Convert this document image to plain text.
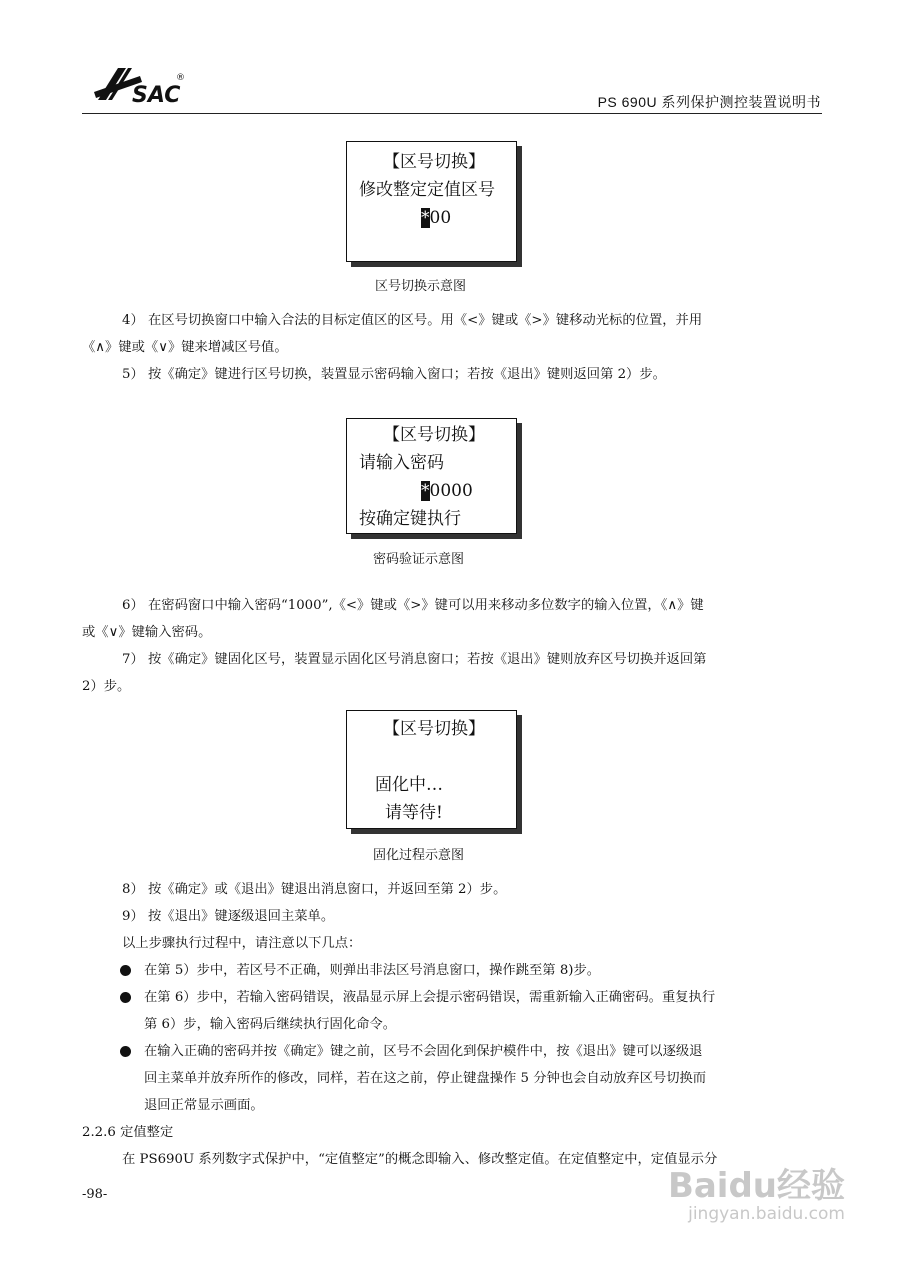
SAC
®
PS 690U 系列保护测控装置说明书
【区号切换】
修改整定定值区号
*00
区号切换示意图

4） 在区号切换窗口中输入合法的目标定值区的区号。用《<》键或《>》键移动光标的位置，并用

《∧》键或《∨》键来增减区号值。

5） 按《确定》键进行区号切换，装置显示密码输入窗口；若按《退出》键则返回第 2）步。

【区号切换】
请输入密码
*0000
按确定键执行
密码验证示意图

6） 在密码窗口中输入密码“1000”,《<》键或《>》键可以用来移动多位数字的输入位置，《∧》键

或《∨》键输入密码。

7） 按《确定》键固化区号，装置显示固化区号消息窗口；若按《退出》键则放弃区号切换并返回第

2）步。

【区号切换】
固化中…
请等待!
固化过程示意图

8） 按《确定》或《退出》键退出消息窗口，并返回至第 2）步。

9） 按《退出》键逐级退回主菜单。

以上步骤执行过程中，请注意以下几点：

在第 5）步中，若区号不正确，则弹出非法区号消息窗口，操作跳至第 8)步。
在第 6）步中，若输入密码错误，液晶显示屏上会提示密码错误，需重新输入正确密码。重复执行
第 6）步，输入密码后继续执行固化命令。
在输入正确的密码并按《确定》键之前，区号不会固化到保护模件中，按《退出》键可以逐级退
回主菜单并放弃所作的修改，同样，若在这之前，停止键盘操作 5 分钟也会自动放弃区号切换而
退回正常显示画面。

2.2.6 定值整定

在 PS690U 系列数字式保护中，“定值整定”的概念即输入、修改整定值。在定值整定中，定值显示分

-98-	Baidu经验
jingyan.baidu.com
